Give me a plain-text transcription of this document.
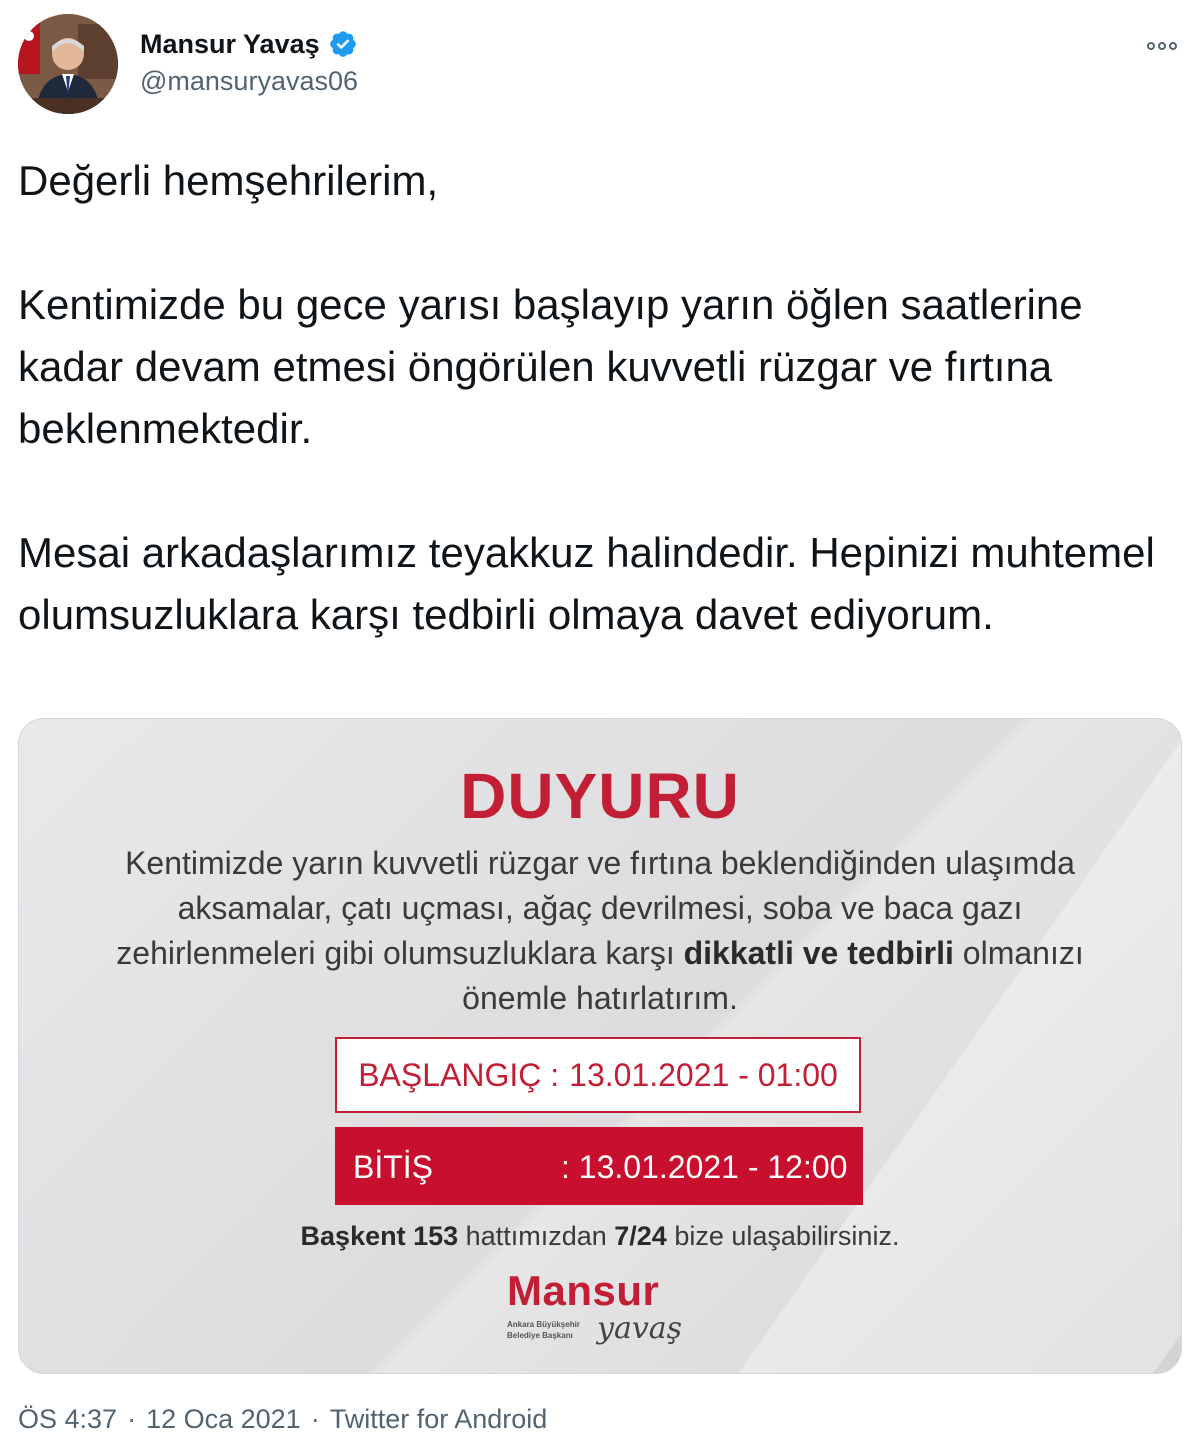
Mansur Yavaş
@mansuryavas06

Değerli hemşehrilerim,

Kentimizde bu gece yarısı başlayıp yarın öğlen saatlerine kadar devam etmesi öngörülen kuvvetli rüzgar ve fırtına beklenmektedir.

Mesai arkadaşlarımız teyakkuz halindedir. Hepinizi muhtemel olumsuzluklara karşı tedbirli olmaya davet ediyorum.

DUYURU
Kentimizde yarın kuvvetli rüzgar ve fırtına beklendiğinden ulaşımda aksamalar, çatı uçması, ağaç devrilmesi, soba ve baca gazı zehirlenmeleri gibi olumsuzluklara karşı dikkatli ve tedbirli olmanızı önemle hatırlatırım.
BAŞLANGIÇ : 13.01.2021 - 01:00
BİTİŞ	: 13.01.2021 - 12:00
Başkent 153 hattımızdan 7/24 bize ulaşabilirsiniz.
Mansur
Ankara Büyükşehir
Belediye Başkanı yavaş
ÖS 4:37 · 12 Oca 2021 · Twitter for Android
